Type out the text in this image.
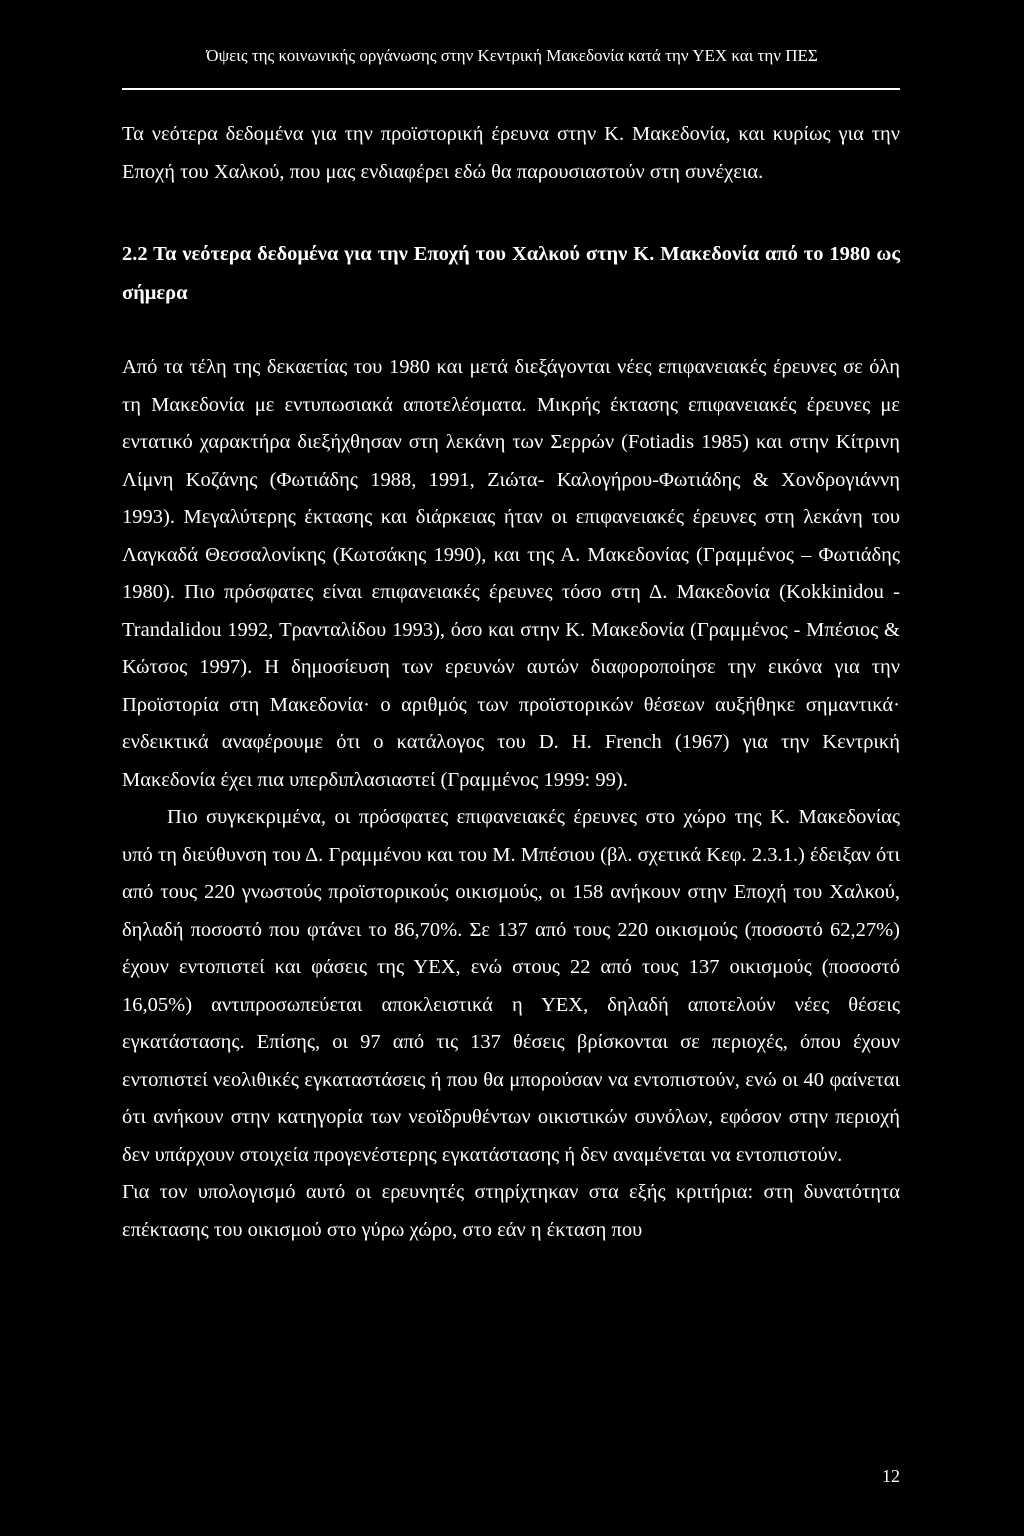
Όψεις της κοινωνικής οργάνωσης στην Κεντρική Μακεδονία κατά την ΥΕΧ και την ΠΕΣ

Τα νεότερα δεδομένα για την προϊστορική έρευνα στην Κ. Μακεδονία, και κυρίως για την Εποχή του Χαλκού, που μας ενδιαφέρει εδώ θα παρουσιαστούν στη συνέχεια.

2.2 Τα νεότερα δεδομένα για την Εποχή του Χαλκού στην Κ. Μακεδονία από το 1980 ως σήμερα

Από τα τέλη της δεκαετίας του 1980 και μετά διεξάγονται νέες επιφανειακές έρευνες σε όλη τη Μακεδονία με εντυπωσιακά αποτελέσματα. Μικρής έκτασης επιφανειακές έρευνες με εντατικό χαρακτήρα διεξήχθησαν στη λεκάνη των Σερρών (Fotiadis 1985) και στην Κίτρινη Λίμνη Κοζάνης (Φωτιάδης 1988, 1991, Ζιώτα- Καλογήρου-Φωτιάδης & Χονδρογιάννη 1993). Μεγαλύτερης έκτασης και διάρκειας ήταν οι επιφανειακές έρευνες στη λεκάνη του Λαγκαδά Θεσσαλονίκης (Κωτσάκης 1990), και της Α. Μακεδονίας (Γραμμένος – Φωτιάδης 1980). Πιο πρόσφατες είναι επιφανειακές έρευνες τόσο στη Δ. Μακεδονία (Kokkinidou - Trandalidou 1992, Τρανταλίδου 1993), όσο και στην Κ. Μακεδονία (Γραμμένος - Μπέσιος & Κώτσος 1997). Η δημοσίευση των ερευνών αυτών διαφοροποίησε την εικόνα για την Προϊστορία στη Μακεδονία· ο αριθμός των προϊστορικών θέσεων αυξήθηκε σημαντικά· ενδεικτικά αναφέρουμε ότι ο κατάλογος του D. H. French (1967) για την Κεντρική Μακεδονία έχει πια υπερδιπλασιαστεί (Γραμμένος 1999: 99).

Πιο συγκεκριμένα, οι πρόσφατες επιφανειακές έρευνες στο χώρο της Κ. Μακεδονίας υπό τη διεύθυνση του Δ. Γραμμένου και του Μ. Μπέσιου (βλ. σχετικά Κεφ. 2.3.1.) έδειξαν ότι από τους 220 γνωστούς προϊστορικούς οικισμούς, οι 158 ανήκουν στην Εποχή του Χαλκού, δηλαδή ποσοστό που φτάνει το 86,70%. Σε 137 από τους 220 οικισμούς (ποσοστό 62,27%) έχουν εντοπιστεί και φάσεις της ΥΕΧ, ενώ στους 22 από τους 137 οικισμούς (ποσοστό 16,05%) αντιπροσωπεύεται αποκλειστικά η ΥΕΧ, δηλαδή αποτελούν νέες θέσεις εγκατάστασης. Επίσης, οι 97 από τις 137 θέσεις βρίσκονται σε περιοχές, όπου έχουν εντοπιστεί νεολιθικές εγκαταστάσεις ή που θα μπορούσαν να εντοπιστούν, ενώ οι 40 φαίνεται ότι ανήκουν στην κατηγορία των νεοϊδρυθέντων οικιστικών συνόλων, εφόσον στην περιοχή δεν υπάρχουν στοιχεία προγενέστερης εγκατάστασης ή δεν αναμένεται να εντοπιστούν.

Για τον υπολογισμό αυτό οι ερευνητές στηρίχτηκαν στα εξής κριτήρια: στη δυνατότητα επέκτασης του οικισμού στο γύρω χώρο, στο εάν η έκταση που

12
